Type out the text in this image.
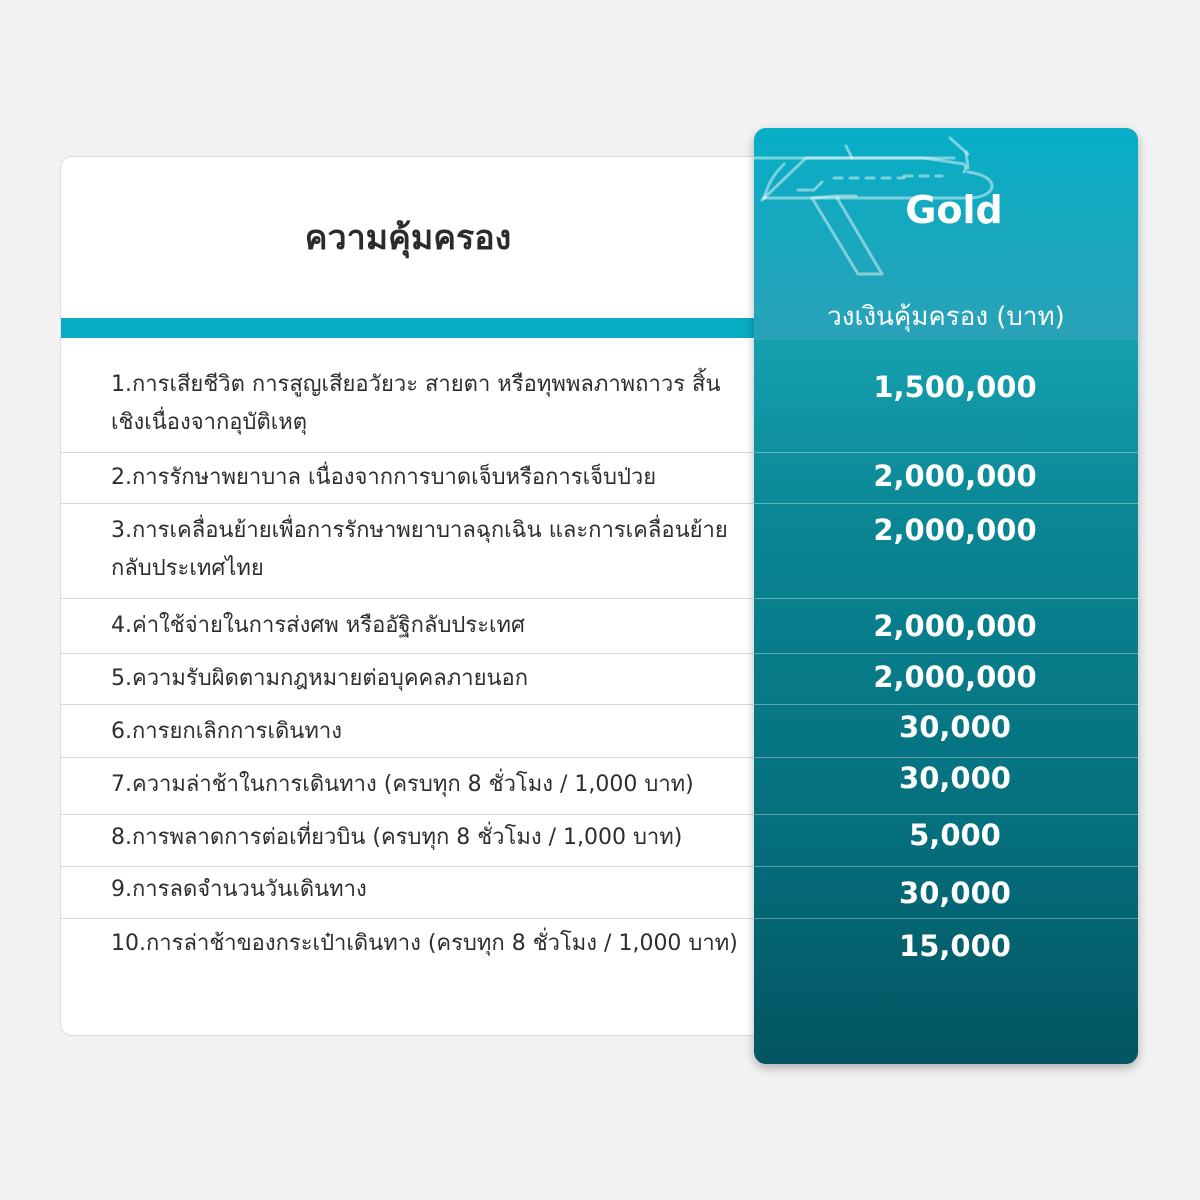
ความคุ้มครอง
1.การเสียชีวิต การสูญเสียอวัยวะ สายตา หรือทุพพลภาพถาวร สิ้นเชิงเนื่องจากอุบัติเหตุ
2.การรักษาพยาบาล เนื่องจากการบาดเจ็บหรือการเจ็บป่วย
3.การเคลื่อนย้ายเพื่อการรักษาพยาบาลฉุกเฉิน และการเคลื่อนย้ายกลับประเทศไทย
4.ค่าใช้จ่ายในการส่งศพ หรืออัฐิกลับประเทศ
5.ความรับผิดตามกฎหมายต่อบุคคลภายนอก
6.การยกเลิกการเดินทาง
7.ความล่าช้าในการเดินทาง (ครบทุก 8 ชั่วโมง / 1,000 บาท)
8.การพลาดการต่อเที่ยวบิน (ครบทุก 8 ชั่วโมง / 1,000 บาท)
9.การลดจำนวนวันเดินทาง
10.การล่าช้าของกระเป๋าเดินทาง (ครบทุก 8 ชั่วโมง / 1,000 บาท)
Gold
วงเงินคุ้มครอง (บาท)
1,500,000
2,000,000
2,000,000
2,000,000
2,000,000
30,000
30,000
5,000
30,000
15,000
